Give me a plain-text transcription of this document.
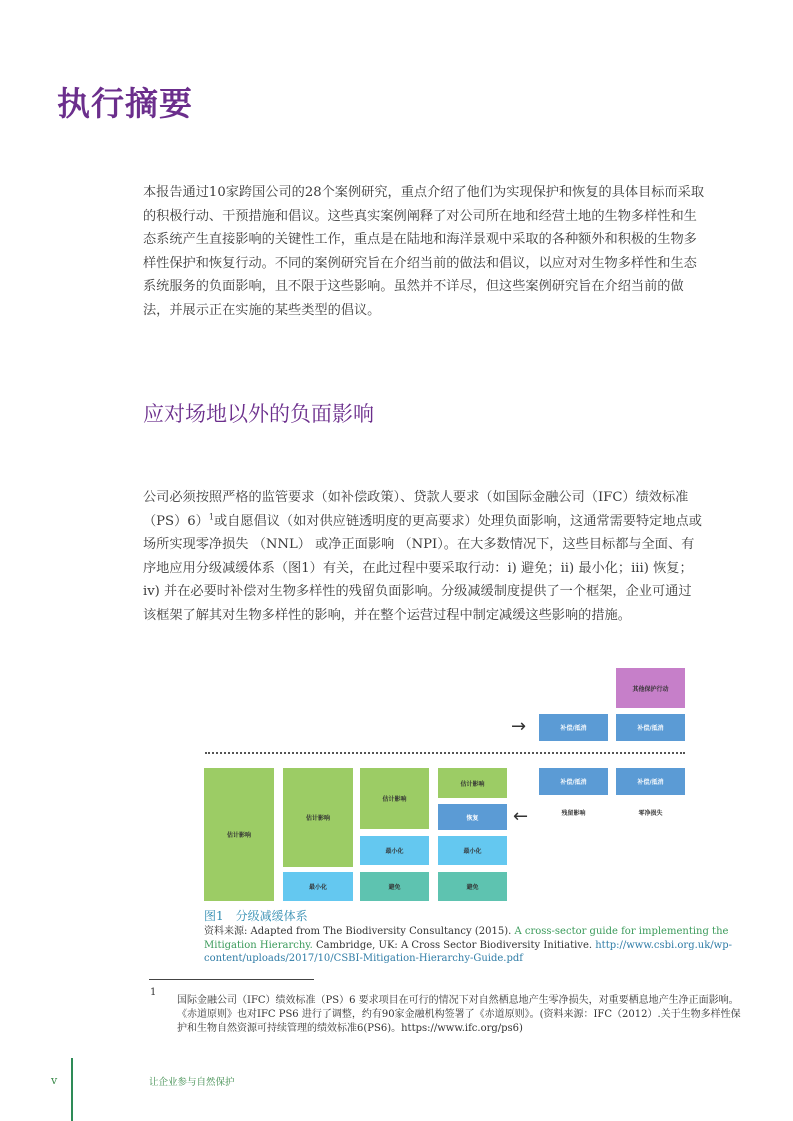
执行摘要
本报告通过10家跨国公司的28个案例研究，重点介绍了他们为实现保护和恢复的具体目标而采取
的积极行动、干预措施和倡议。这些真实案例阐释了对公司所在地和经营土地的生物多样性和生
态系统产生直接影响的关键性工作，重点是在陆地和海洋景观中采取的各种额外和积极的生物多
样性保护和恢复行动。不同的案例研究旨在介绍当前的做法和倡议，以应对对生物多样性和生态
系统服务的负面影响，且不限于这些影响。虽然并不详尽，但这些案例研究旨在介绍当前的做
法，并展示正在实施的某些类型的倡议。
应对场地以外的负面影响
公司必须按照严格的监管要求（如补偿政策）、贷款人要求（如国际金融公司（IFC）绩效标准
（PS）6）$^1$或自愿倡议（如对供应链透明度的更高要求）处理负面影响，这通常需要特定地点或
场所实现零净损失 （NNL） 或净正面影响 （NPI）。在大多数情况下，这些目标都与全面、有
序地应用分级减缓体系（图1）有关，在此过程中要采取行动：i) 避免；ii) 最小化；iii) 恢复；
iv) 并在必要时补偿对生物多样性的残留负面影响。分级减缓制度提供了一个框架，企业可通过
该框架了解其对生物多样性的影响，并在整个运营过程中制定减缓这些影响的措施。
其他保护行动
→	补偿/抵消	补偿/抵消
估计影响
估计影响
最小化
估计影响
最小化
避免
估计影响
恢复
最小化
避免
←
补偿/抵消	补偿/抵消
残留影响	零净损失
图1　分级减缓体系
资料来源: Adapted from The Biodiversity Consultancy (2015). A cross-sector guide for implementing the Mitigation Hierarchy. Cambridge, UK: A Cross Sector Biodiversity Initiative. http://www.csbi.org.uk/wp-content/uploads/2017/10/CSBI-Mitigation-Hierarchy-Guide.pdf
1
国际金融公司（IFC）绩效标准（PS）6 要求项目在可行的情况下对自然栖息地产生零净损失，对重要栖息地产生净正面影响。《赤道原则》也对IFC PS6 进行了调整，约有90家金融机构签署了《赤道原则》。(资料来源：IFC（2012）.关于生物多样性保护和生物自然资源可持续管理的绩效标准6(PS6)。https://www.ifc.org/ps6)
v	让企业参与自然保护
